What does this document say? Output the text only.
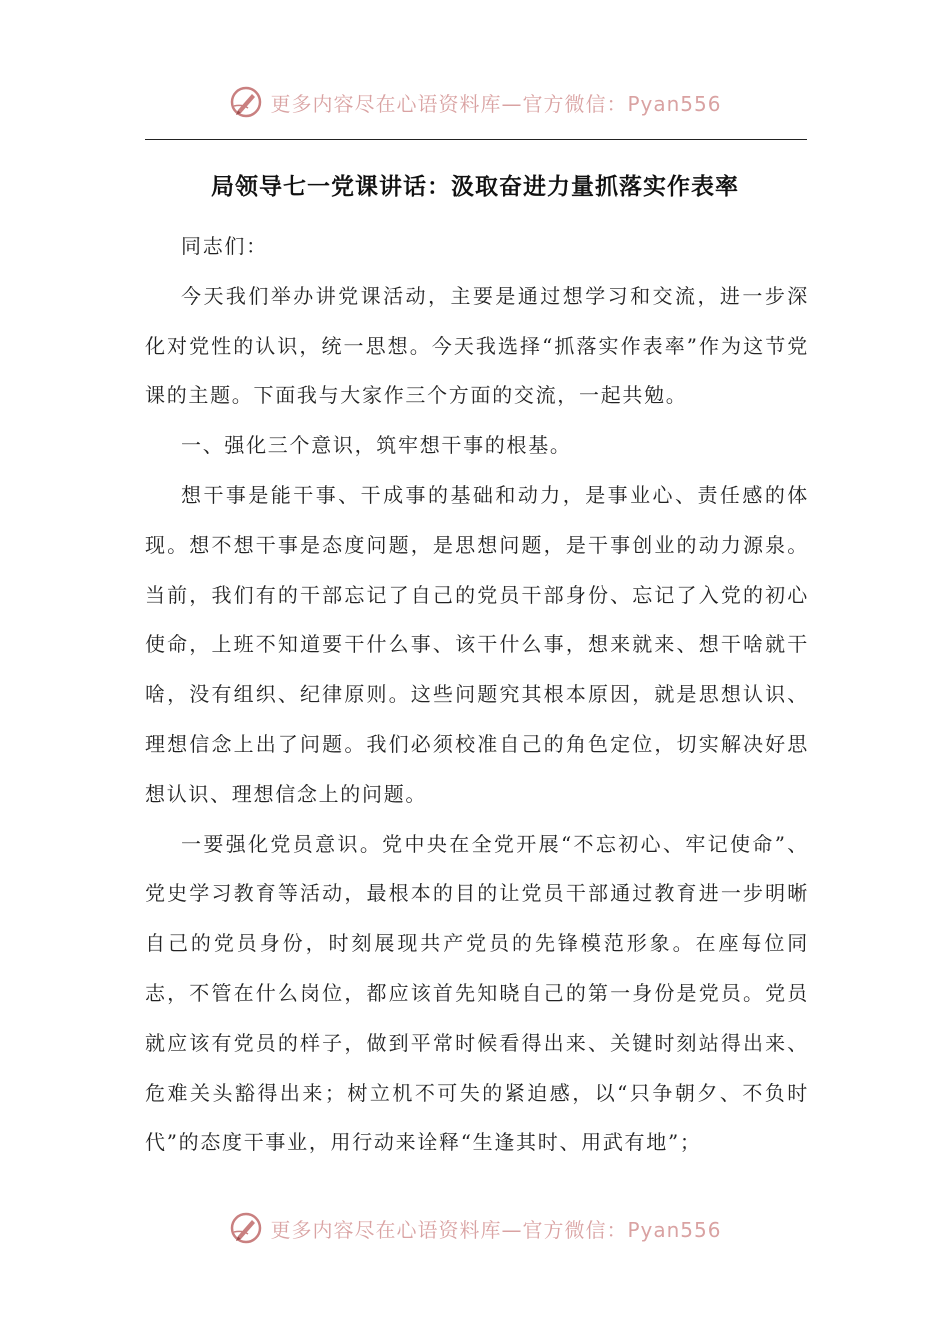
更多内容尽在心语资料库—官方微信：Pyan556
局领导七一党课讲话：汲取奋进力量抓落实作表率

同志们：

今天我们举办讲党课活动，主要是通过想学习和交流，进一步深化对党性的认识，统一思想。今天我选择“抓落实作表率”作为这节党课的主题。下面我与大家作三个方面的交流，一起共勉。

一、强化三个意识，筑牢想干事的根基。

想干事是能干事、干成事的基础和动力，是事业心、责任感的体现。想不想干事是态度问题，是思想问题，是干事创业的动力源泉。当前，我们有的干部忘记了自己的党员干部身份、忘记了入党的初心使命，上班不知道要干什么事、该干什么事，想来就来、想干啥就干啥，没有组织、纪律原则。这些问题究其根本原因，就是思想认识、理想信念上出了问题。我们必须校准自己的角色定位，切实解决好思想认识、理想信念上的问题。

一要强化党员意识。党中央在全党开展“不忘初心、牢记使命”、党史学习教育等活动，最根本的目的让党员干部通过教育进一步明晰自己的党员身份，时刻展现共产党员的先锋模范形象。在座每位同志，不管在什么岗位，都应该首先知晓自己的第一身份是党员。党员就应该有党员的样子，做到平常时候看得出来、关键时刻站得出来、危难关头豁得出来；树立机不可失的紧迫感，以“只争朝夕、不负时代”的态度干事业，用行动来诠释“生逢其时、用武有地”；

更多内容尽在心语资料库—官方微信：Pyan556
